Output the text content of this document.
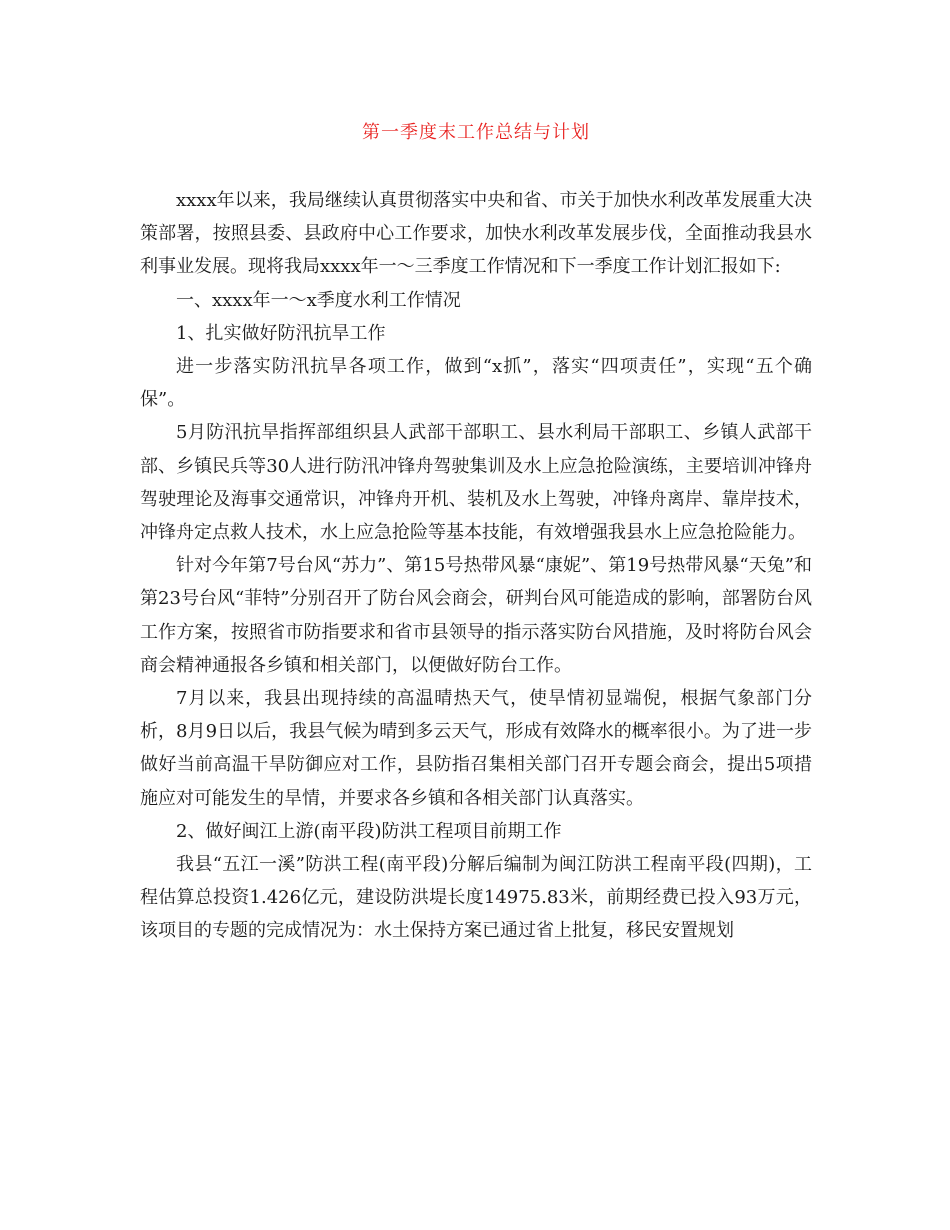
第一季度末工作总结与计划

xxxx年以来，我局继续认真贯彻落实中央和省、市关于加快水利改革发展重大决策部署，按照县委、县政府中心工作要求，加快水利改革发展步伐，全面推动我县水利事业发展。现将我局xxxx年一～三季度工作情况和下一季度工作计划汇报如下:

一、xxxx年一～x季度水利工作情况

1、扎实做好防汛抗旱工作

进一步落实防汛抗旱各项工作，做到“x抓”，落实“四项责任”，实现“五个确保”。

5月防汛抗旱指挥部组织县人武部干部职工、县水利局干部职工、乡镇人武部干部、乡镇民兵等30人进行防汛冲锋舟驾驶集训及水上应急抢险演练，主要培训冲锋舟驾驶理论及海事交通常识，冲锋舟开机、装机及水上驾驶，冲锋舟离岸、靠岸技术，冲锋舟定点救人技术，水上应急抢险等基本技能，有效增强我县水上应急抢险能力。

针对今年第7号台风“苏力”、第15号热带风暴“康妮”、第19号热带风暴“天兔”和第23号台风“菲特”分别召开了防台风会商会，研判台风可能造成的影响，部署防台风工作方案，按照省市防指要求和省市县领导的指示落实防台风措施，及时将防台风会商会精神通报各乡镇和相关部门，以便做好防台工作。

7月以来，我县出现持续的高温晴热天气，使旱情初显端倪，根据气象部门分析，8月9日以后，我县气候为晴到多云天气，形成有效降水的概率很小。为了进一步做好当前高温干旱防御应对工作，县防指召集相关部门召开专题会商会，提出5项措施应对可能发生的旱情，并要求各乡镇和各相关部门认真落实。

2、做好闽江上游(南平段)防洪工程项目前期工作

我县“五江一溪”防洪工程(南平段)分解后编制为闽江防洪工程南平段(四期)，工程估算总投资1.426亿元，建设防洪堤长度14975.83米，前期经费已投入93万元，该项目的专题的完成情况为：水土保持方案已通过省上批复，移民安置规划
